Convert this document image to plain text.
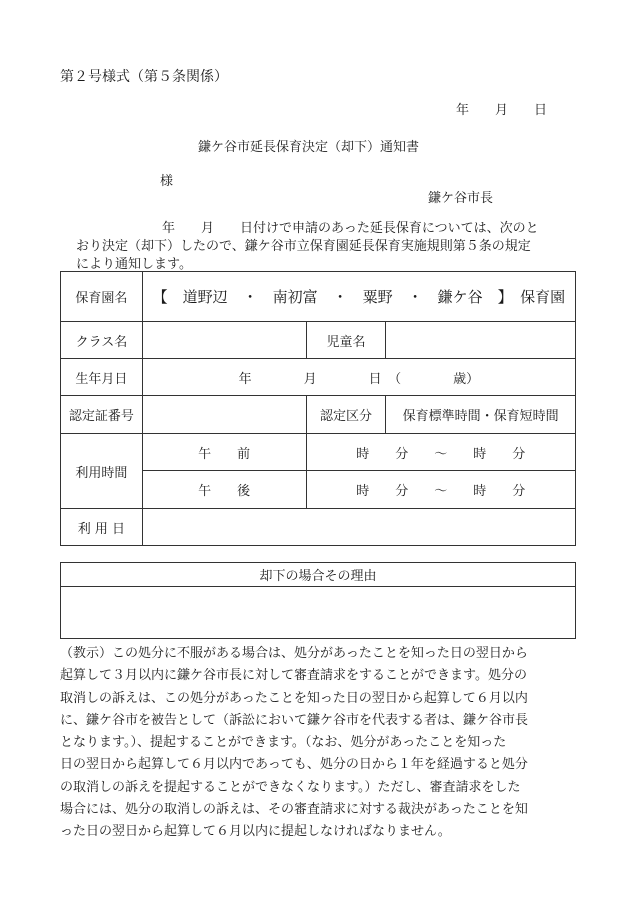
第２号様式（第５条関係）
年　　月　　日
鎌ケ谷市延長保育決定（却下）通知書
様
鎌ケ谷市長
年　　月　　日付けで申請のあった延長保育については、次のと
おり決定（却下）したので、鎌ケ谷市立保育園延長保育実施規則第５条の規定
により通知します。
保育園名	【　道野辺　・　南初富　・　粟野　・　鎌ケ谷　】　保育園		
クラス名		児童名	
生年月日	年　　　　月　　　　日　（　　　　歳）		
認定証番号		認定区分	保育標準時間・保育短時間
利用時間	午　　前	時　　分　　～　　時　　分	
	午　　後	時　　分　　～　　時　　分	
利 用 日			
却下の場合その理由

（教示）この処分に不服がある場合は、処分があったことを知った日の翌日から
起算して３月以内に鎌ケ谷市長に対して審査請求をすることができます。処分の
取消しの訴えは、この処分があったことを知った日の翌日から起算して６月以内
に、鎌ケ谷市を被告として（訴訟において鎌ケ谷市を代表する者は、鎌ケ谷市長
となります。）、提起することができます。（なお、処分があったことを知った
日の翌日から起算して６月以内であっても、処分の日から１年を経過すると処分
の取消しの訴えを提起することができなくなります。）ただし、審査請求をした
場合には、処分の取消しの訴えは、その審査請求に対する裁決があったことを知
った日の翌日から起算して６月以内に提起しなければなりません。
